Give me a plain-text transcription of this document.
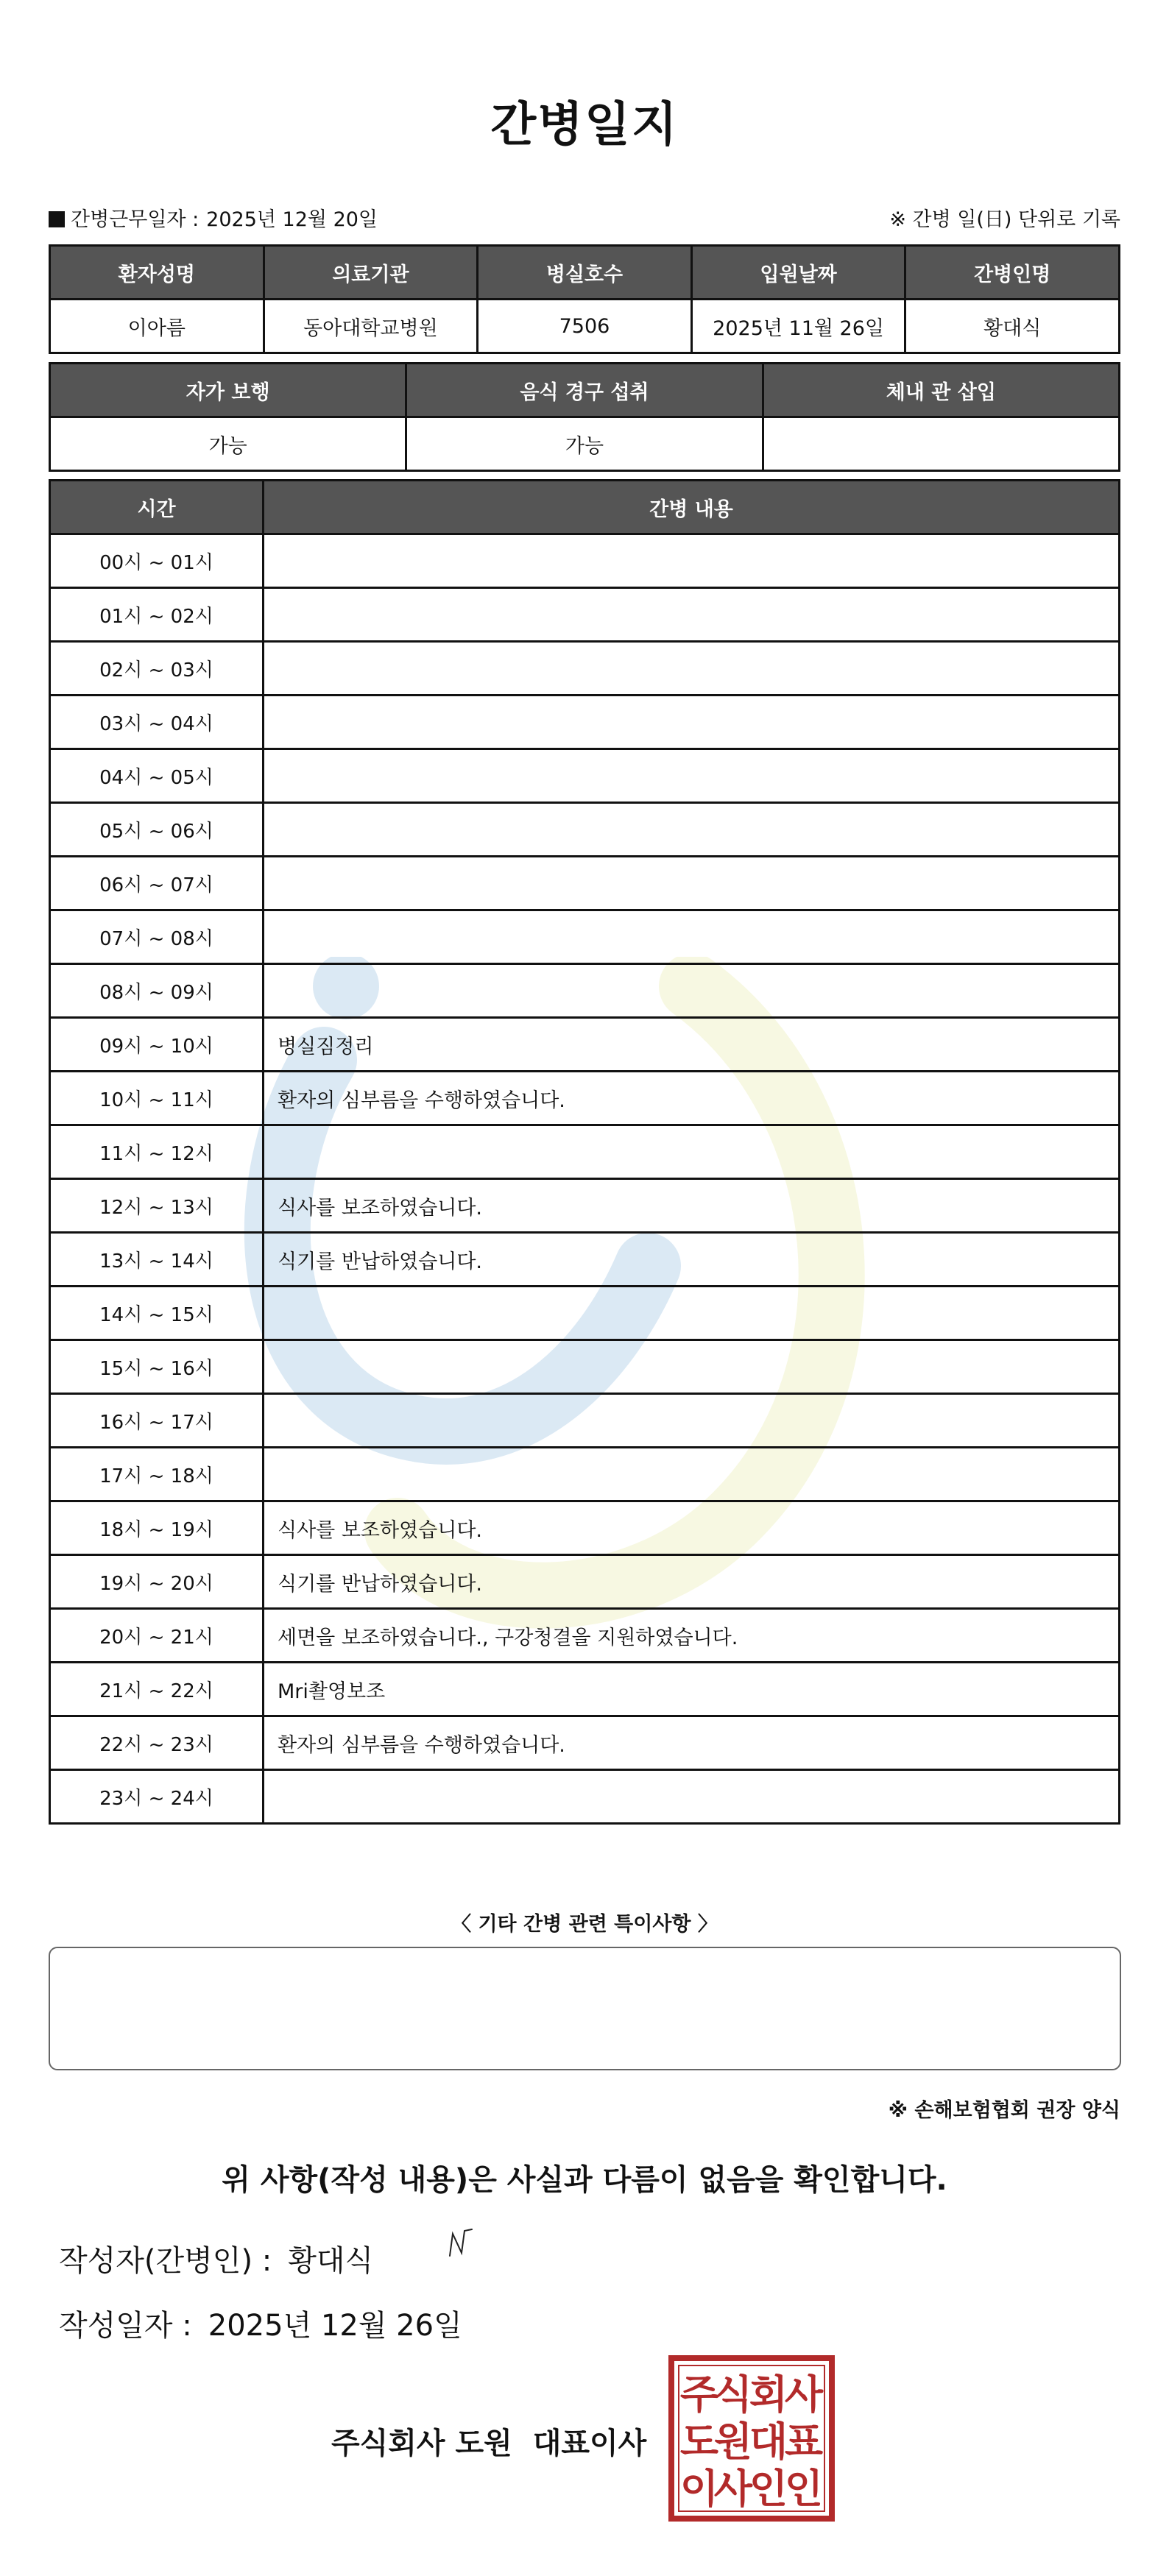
간병일지
간병근무일자 : 2025년 12월 20일	※ 간병 일(日) 단위로 기록
환자성명	의료기관	병실호수	입원날짜	간병인명
이아름	동아대학교병원	7506	2025년 11월 26일	황대식
자가 보행	음식 경구 섭취	체내 관 삽입
가능	가능	
시간	간병 내용
00시 ~ 01시	
01시 ~ 02시	
02시 ~ 03시	
03시 ~ 04시	
04시 ~ 05시	
05시 ~ 06시	
06시 ~ 07시	
07시 ~ 08시	
08시 ~ 09시	
09시 ~ 10시	병실짐정리
10시 ~ 11시	환자의 심부름을 수행하였습니다.
11시 ~ 12시	
12시 ~ 13시	식사를 보조하였습니다.
13시 ~ 14시	식기를 반납하였습니다.
14시 ~ 15시	
15시 ~ 16시	
16시 ~ 17시	
17시 ~ 18시	
18시 ~ 19시	식사를 보조하였습니다.
19시 ~ 20시	식기를 반납하였습니다.
20시 ~ 21시	세면을 보조하였습니다., 구강청결을 지원하였습니다.
21시 ~ 22시	Mri촬영보조
22시 ~ 23시	환자의 심부름을 수행하였습니다.
23시 ~ 24시	
〈 기타 간병 관련 특이사항 〉
※ 손해보험협회 권장 양식
위 사항(작성 내용)은 사실과 다름이 없음을 확인합니다.
작성자(간병인) : 황대식
작성일자 : 2025년 12월 26일
주식회사 도원 대표이사
주
식
회
사
도
원
대
표
이
사
인
인
